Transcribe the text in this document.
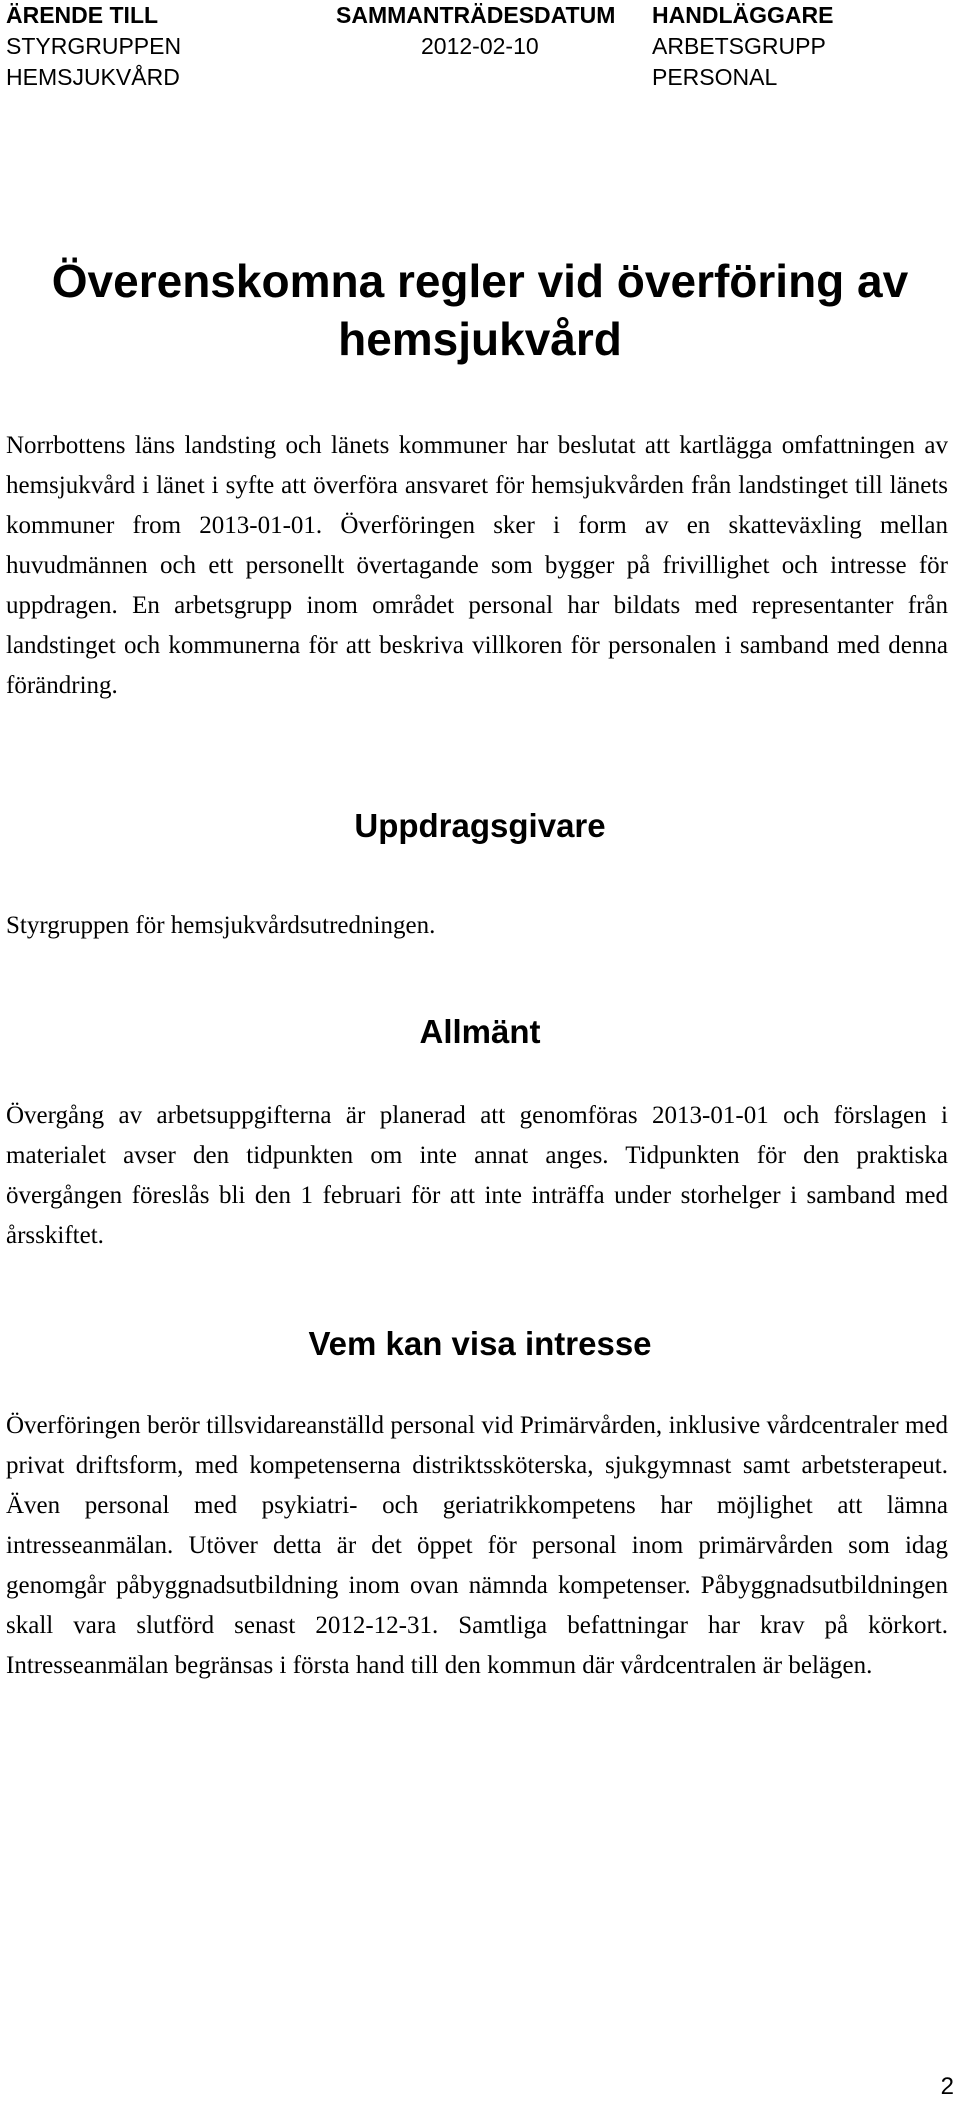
ÄRENDE TILL
STYRGRUPPEN
HEMSJUKVÅRD
SAMMANTRÄDESDATUM
2012-02-10
HANDLÄGGARE
ARBETSGRUPP
PERSONAL
Överenskomna regler vid överföring av hemsjukvård

Norrbottens läns landsting och länets kommuner har beslutat att kartlägga omfattningen av hemsjukvård i länet i syfte att överföra ansvaret för hemsjukvården från landstinget till länets kommuner from 2013-01-01. Överföringen sker i form av en skatteväxling mellan huvudmännen och ett personellt övertagande som bygger på frivillighet och intresse för uppdragen. En arbetsgrupp inom området personal har bildats med representanter från landstinget och kommunerna för att beskriva villkoren för personalen i samband med denna förändring.

Uppdragsgivare

Styrgruppen för hemsjukvårdsutredningen.

Allmänt

Övergång av arbetsuppgifterna är planerad att genomföras 2013-01-01 och förslagen i materialet avser den tidpunkten om inte annat anges. Tidpunkten för den praktiska övergången föreslås bli den 1 februari för att inte inträffa under storhelger i samband med årsskiftet.

Vem kan visa intresse

Överföringen berör tillsvidareanställd personal vid Primärvården, inklusive vårdcentraler med privat driftsform, med kompetenserna distriktssköterska, sjukgymnast samt arbetsterapeut. Även personal med psykiatri- och geriatrikkompetens har möjlighet att lämna intresseanmälan. Utöver detta är det öppet för personal inom primärvården som idag genomgår påbyggnadsutbildning inom ovan nämnda kompetenser. Påbyggnadsutbildningen skall vara slutförd senast 2012-12-31. Samtliga befattningar har krav på körkort. Intresseanmälan begränsas i första hand till den kommun där vårdcentralen är belägen.

2
